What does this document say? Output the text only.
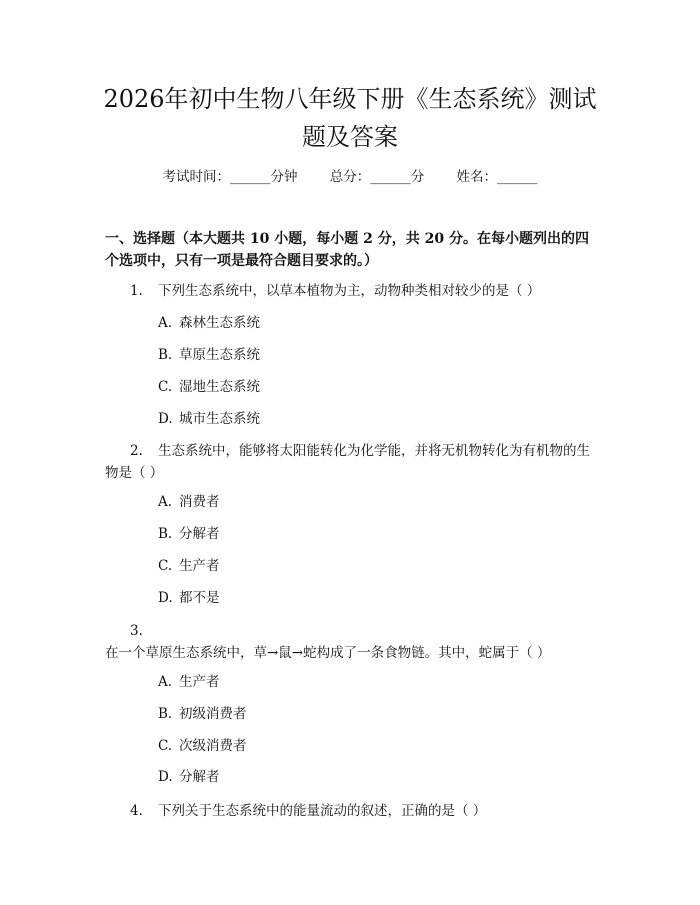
2026年初中生物八年级下册《生态系统》测试题及答案
考试时间：______分钟 总分：______分 姓名：______
一、选择题（本大题共 10 小题，每小题 2 分，共 20 分。在每小题列出的四个选项中，只有一项是最符合题目要求的。）
1. 下列生态系统中，以草本植物为主，动物种类相对较少的是（ ）
A. 森林生态系统
B. 草原生态系统
C. 湿地生态系统
D. 城市生态系统
2. 生态系统中，能够将太阳能转化为化学能，并将无机物转化为有机物的生物是（ ）
A. 消费者
B. 分解者
C. 生产者
D. 都不是
3.在一个草原生态系统中，草→鼠→蛇构成了一条食物链。其中，蛇属于（ ）
A. 生产者
B. 初级消费者
C. 次级消费者
D. 分解者
4. 下列关于生态系统中的能量流动的叙述，正确的是（ ）
